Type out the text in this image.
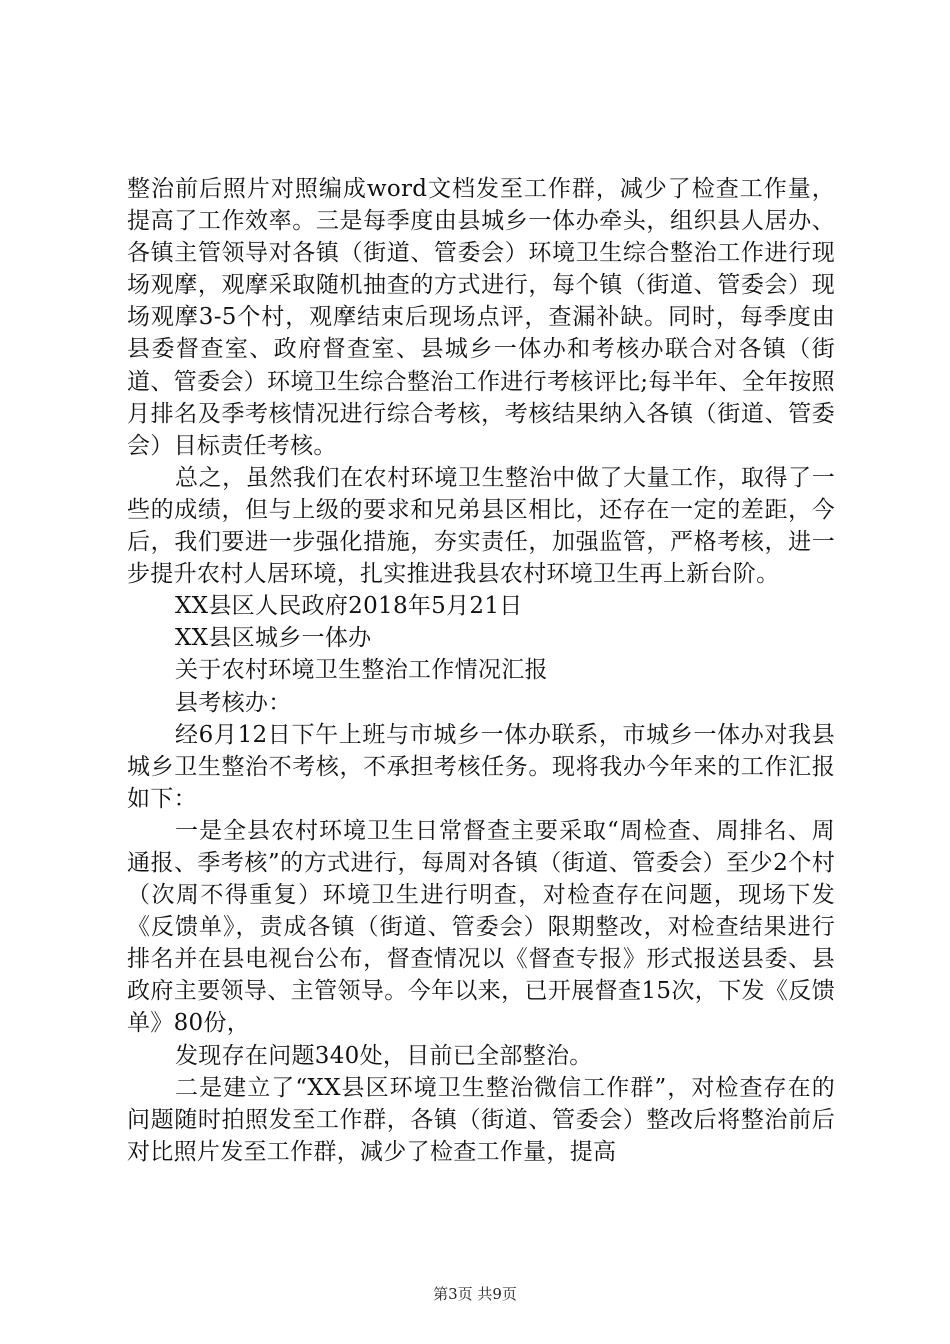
整治前后照片对照编成word文档发至工作群，减少了检查工作量，提高了工作效率。三是每季度由县城乡一体办牵头，组织县人居办、各镇主管领导对各镇（街道、管委会）环境卫生综合整治工作进行现场观摩，观摩采取随机抽查的方式进行，每个镇（街道、管委会）现场观摩3-5个村，观摩结束后现场点评，查漏补缺。同时，每季度由县委督查室、政府督查室、县城乡一体办和考核办联合对各镇（街道、管委会）环境卫生综合整治工作进行考核评比;每半年、全年按照月排名及季考核情况进行综合考核，考核结果纳入各镇（街道、管委会）目标责任考核。

总之，虽然我们在农村环境卫生整治中做了大量工作，取得了一些的成绩，但与上级的要求和兄弟县区相比，还存在一定的差距，今后，我们要进一步强化措施，夯实责任，加强监管，严格考核，进一步提升农村人居环境，扎实推进我县农村环境卫生再上新台阶。

XX县区人民政府2018年5月21日

XX县区城乡一体办

关于农村环境卫生整治工作情况汇报

县考核办：

经6月12日下午上班与市城乡一体办联系，市城乡一体办对我县城乡卫生整治不考核，不承担考核任务。现将我办今年来的工作汇报如下：

一是全县农村环境卫生日常督查主要采取“周检查、周排名、周通报、季考核”的方式进行，每周对各镇（街道、管委会）至少2个村（次周不得重复）环境卫生进行明查，对检查存在问题，现场下发《反馈单》，责成各镇（街道、管委会）限期整改，对检查结果进行排名并在县电视台公布，督查情况以《督查专报》形式报送县委、县政府主要领导、主管领导。今年以来，已开展督查15次，下发《反馈单》80份，

发现存在问题340处，目前已全部整治。

二是建立了“XX县区环境卫生整治微信工作群”，对检查存在的问题随时拍照发至工作群，各镇（街道、管委会）整改后将整治前后对比照片发至工作群，减少了检查工作量，提高

第3页 共9页
